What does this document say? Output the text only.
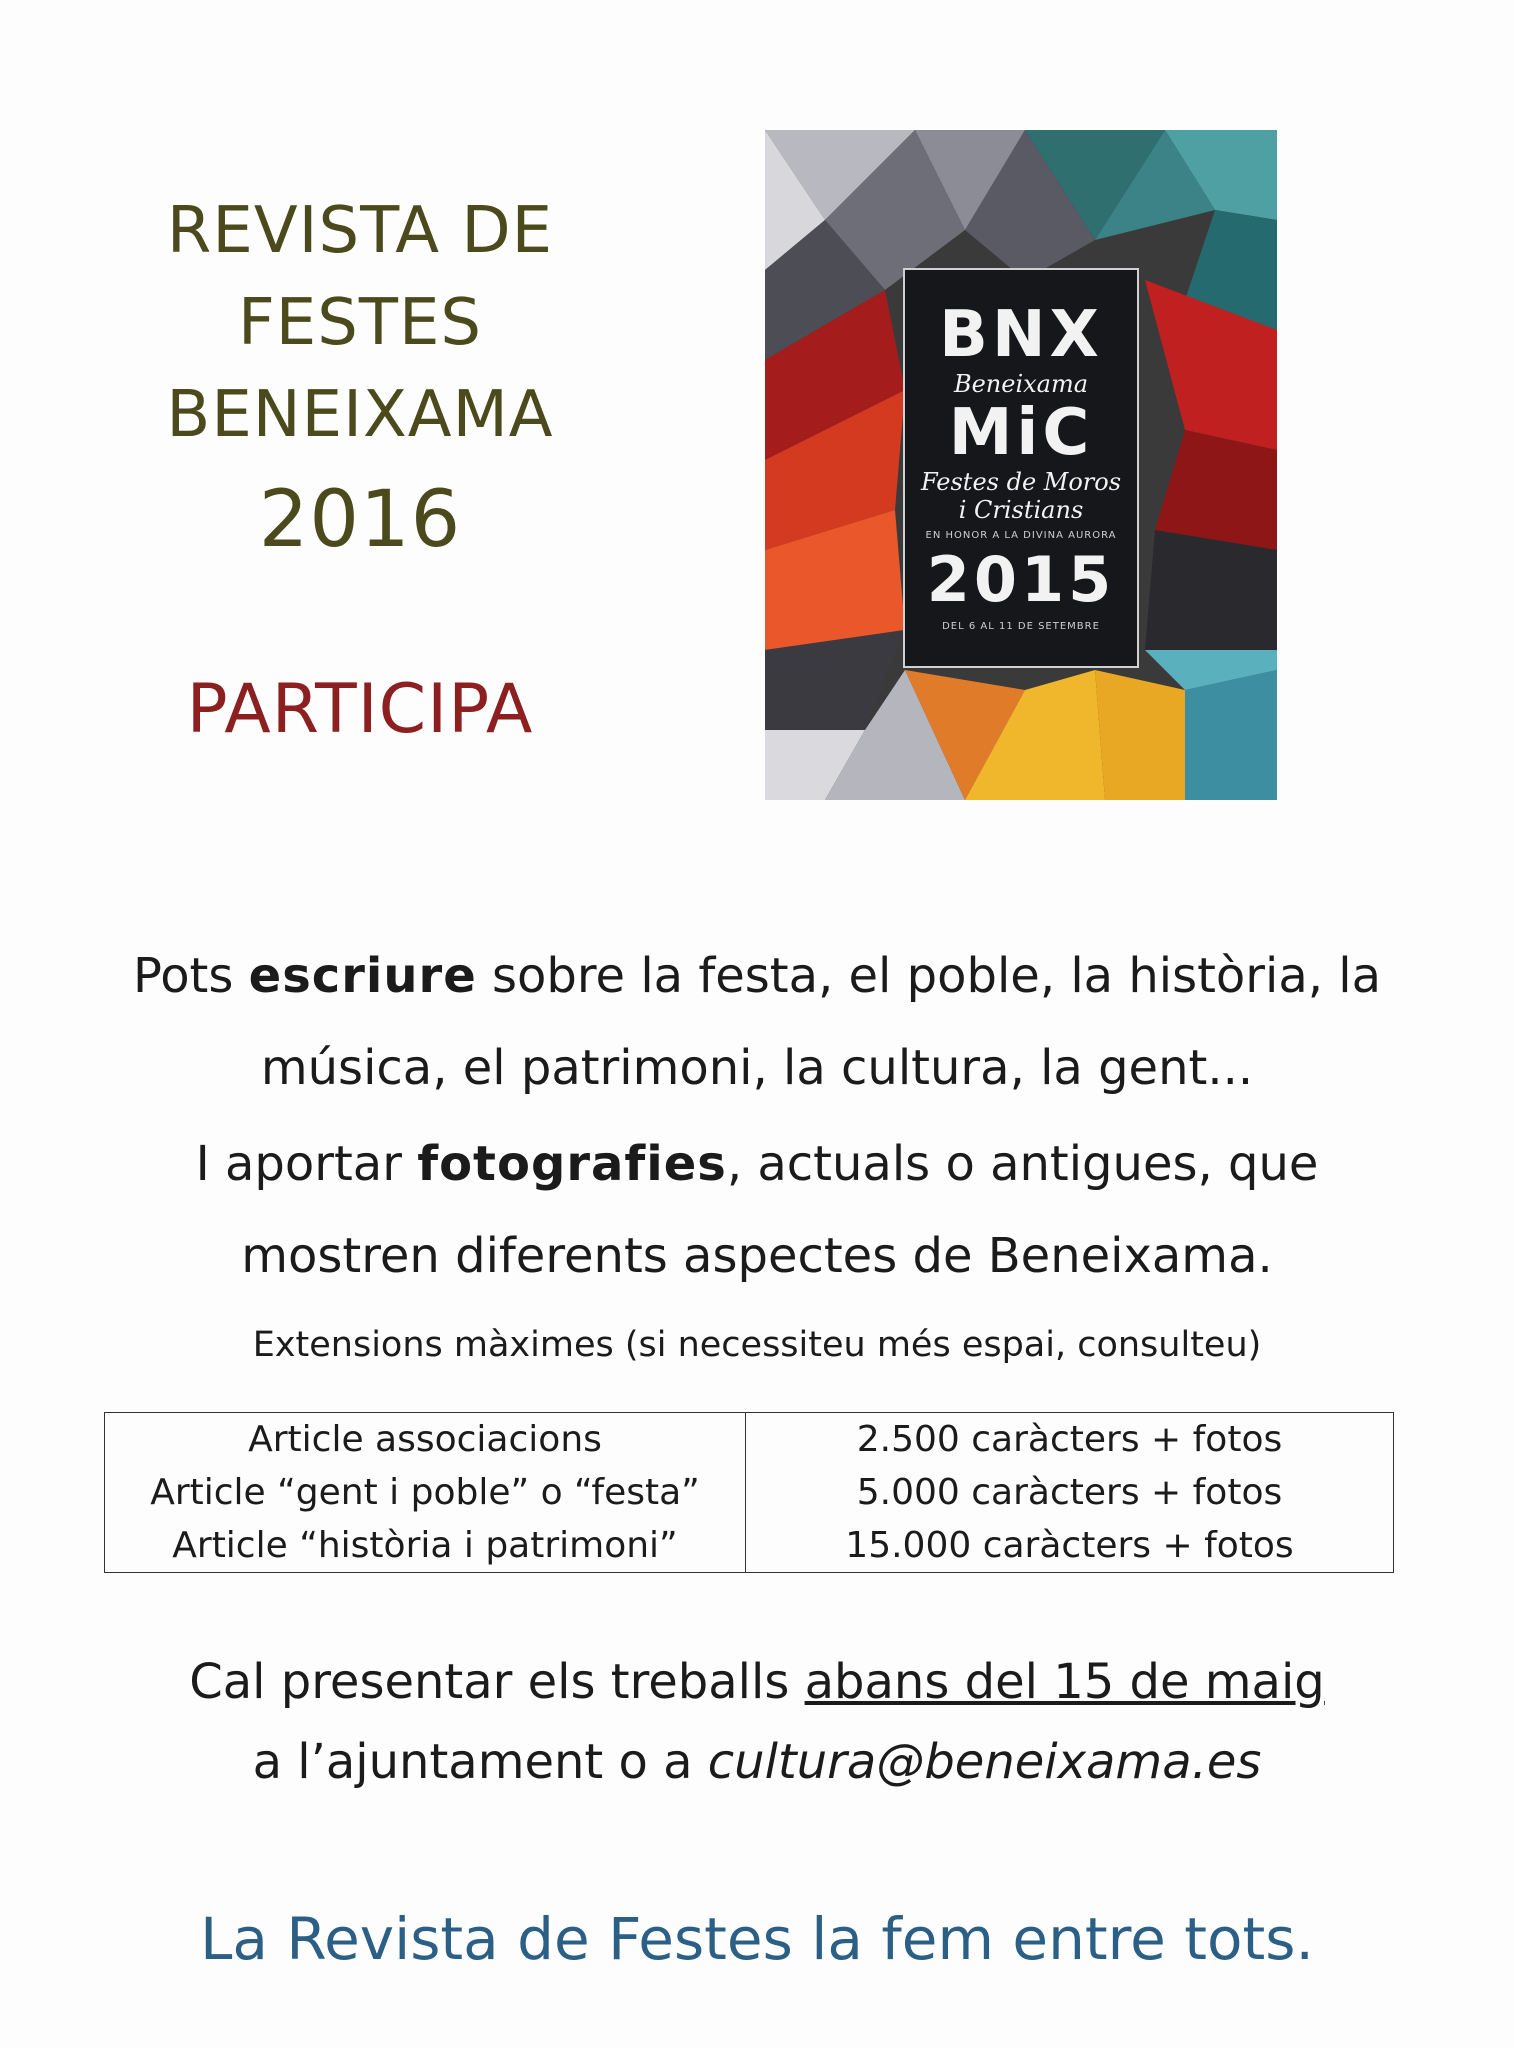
REVISTA DE
FESTES
BENEIXAMA
2016
PARTICIPA
BNX
Beneixama
MiC
Festes de Moros
i Cristians
EN HONOR A LA DIVINA AURORA
2015
DEL 6 AL 11 DE SETEMBRE
Pots escriure sobre la festa, el poble, la història, la
música, el patrimoni, la cultura, la gent...
I aportar fotografies, actuals o antigues, que
mostren diferents aspectes de Beneixama.
Extensions màximes (si necessiteu més espai, consulteu)
Article associacions	2.500 caràcters + fotos
Article “gent i poble” o “festa”	5.000 caràcters + fotos
Article “història i patrimoni”	15.000 caràcters + fotos
Cal presentar els treballs abans del 15 de maig
a l’ajuntament o a cultura@beneixama.es
La Revista de Festes la fem entre tots.
